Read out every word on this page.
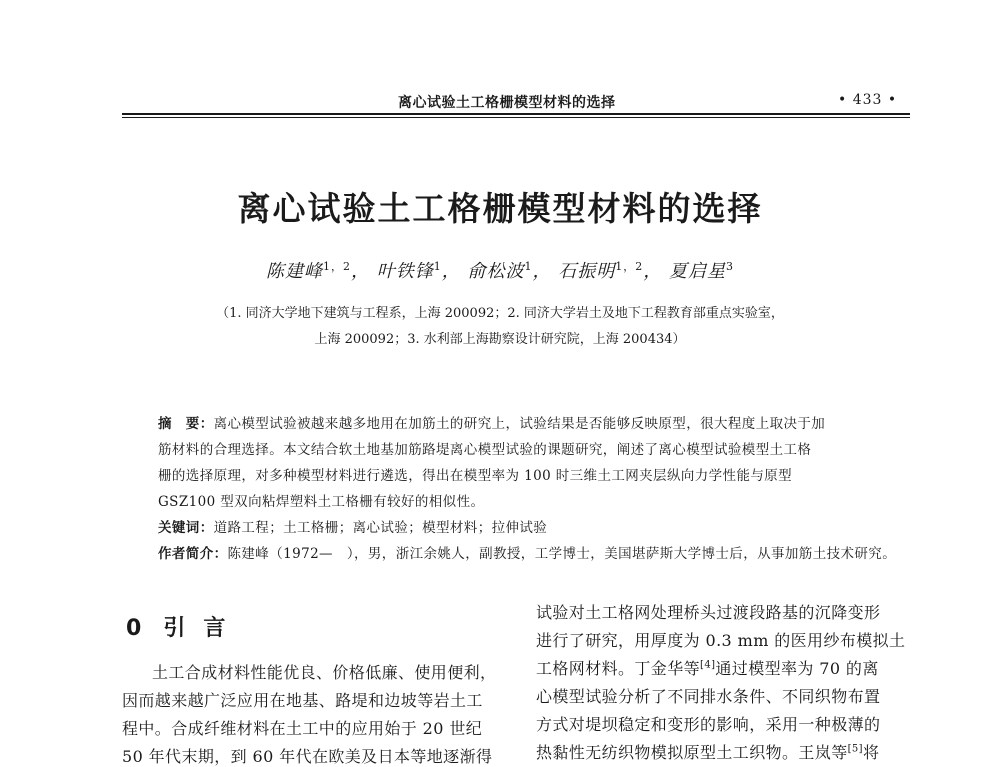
离心试验土工格栅模型材料的选择	• 433 •
离心试验土工格栅模型材料的选择
陈建峰$^{1,2}$， 叶铁锋$^1$， 俞松波$^1$， 石振明$^{1,2}$， 夏启星$^3$
（1. 同济大学地下建筑与工程系，上海 200092；2. 同济大学岩土及地下工程教育部重点实验室，
上海 200092；3. 水利部上海勘察设计研究院，上海 200434）
摘　要：离心模型试验被越来越多地用在加筋土的研究上，试验结果是否能够反映原型，很大程度上取决于加
筋材料的合理选择。本文结合软土地基加筋路堤离心模型试验的课题研究，阐述了离心模型试验模型土工格
栅的选择原理，对多种模型材料进行遴选，得出在模型率为 100 时三维土工网夹层纵向力学性能与原型
GSZ100 型双向粘焊塑料土工格栅有较好的相似性。
关键词：道路工程；土工格栅；离心试验；模型材料；拉伸试验
作者简介：陈建峰（1972—　），男，浙江余姚人，副教授，工学博士，美国堪萨斯大学博士后，从事加筋土技术研究。
0 引言
土工合成材料性能优良、价格低廉、使用便利，
因而越来越广泛应用在地基、路堤和边坡等岩土工
程中。合成纤维材料在土工中的应用始于 20 世纪
50 年代末期，到 60 年代在欧美及日本等地逐渐得
试验对土工格网处理桥头过渡段路基的沉降变形
进行了研究，用厚度为 0.3 mm 的医用纱布模拟土
工格网材料。丁金华等[4]通过模型率为 70 的离
心模型试验分析了不同排水条件、不同织物布置
方式对堤坝稳定和变形的影响，采用一种极薄的
热黏性无纺织物模拟原型土工织物。王岚等[5]将
